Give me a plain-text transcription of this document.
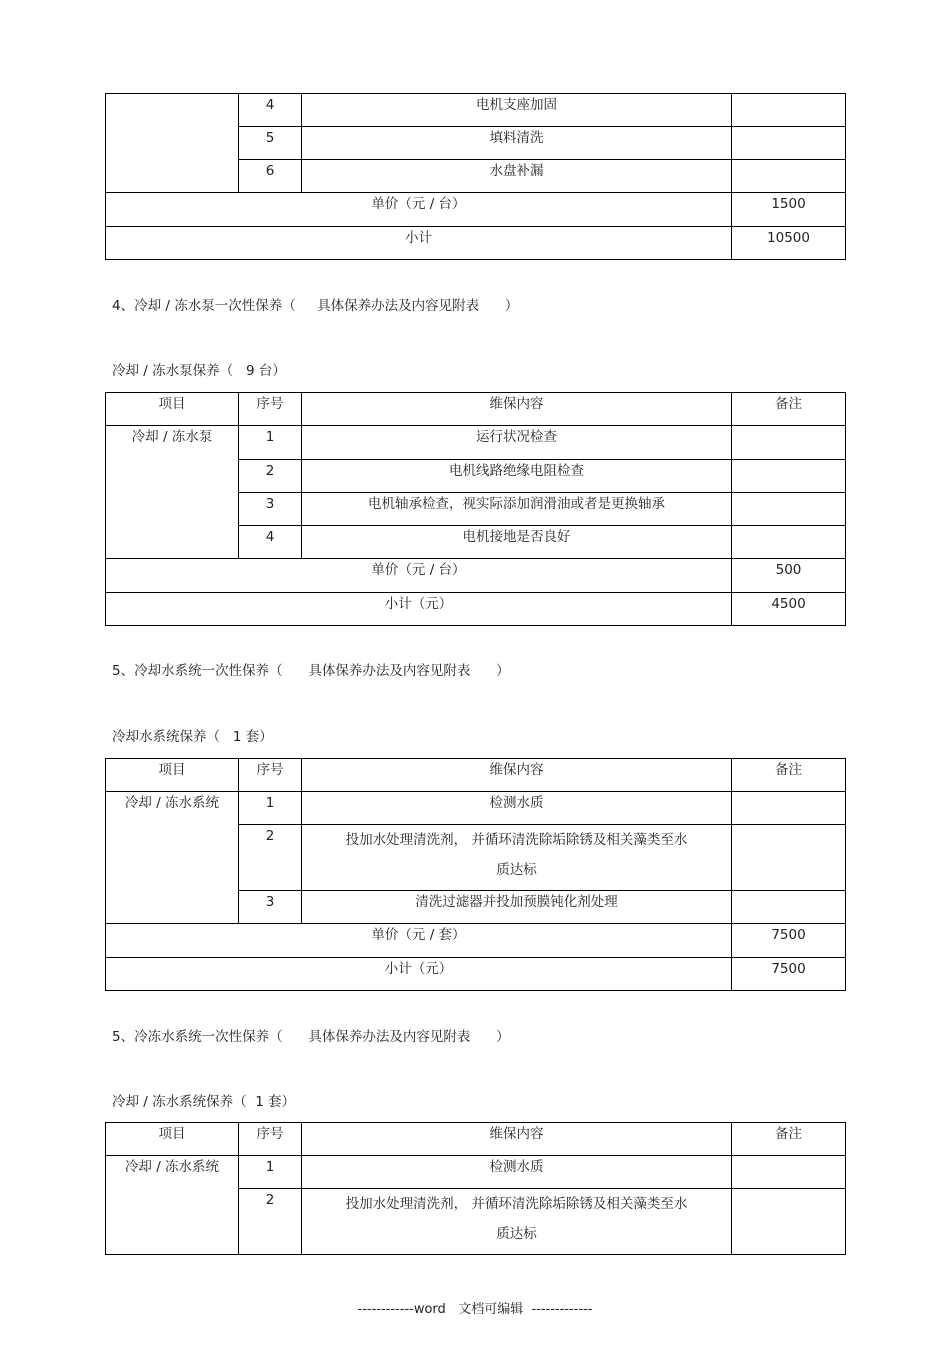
	4	电机支座加固	
	5	填料清洗	
	6	水盘补漏	
单价（元 / 台）			1500
小计			10500

4、冷却 / 冻水泵一次性保养（     具体保养办法及内容见附表      ）

冷却 / 冻水泵保养（   9 台）

项目	序号	维保内容	备注
冷却 / 冻水泵	1	运行状况检查	
	2	电机线路绝缘电阻检查	
	3	电机轴承检查，视实际添加润滑油或者是更换轴承	
	4	电机接地是否良好	
单价（元 / 台）			500
小计（元）			4500

5、冷却水系统一次性保养（      具体保养办法及内容见附表      ）

冷却水系统保养（   1 套）

项目	序号	维保内容	备注
冷却 / 冻水系统	1	检测水质	
	2	投加水处理清洗剂， 并循环清洗除垢除锈及相关藻类至水
质达标	

	3	清洗过滤器并投加预膜钝化剂处理	
单价（元 / 套）			7500
小计（元）			7500

5、冷冻水系统一次性保养（      具体保养办法及内容见附表      ）

冷却 / 冻水系统保养（  1 套）

项目	序号	维保内容	备注
冷却 / 冻水系统	1	检测水质	
	2	投加水处理清洗剂， 并循环清洗除垢除锈及相关藻类至水
质达标	

------------word   文档可编辑  -------------
